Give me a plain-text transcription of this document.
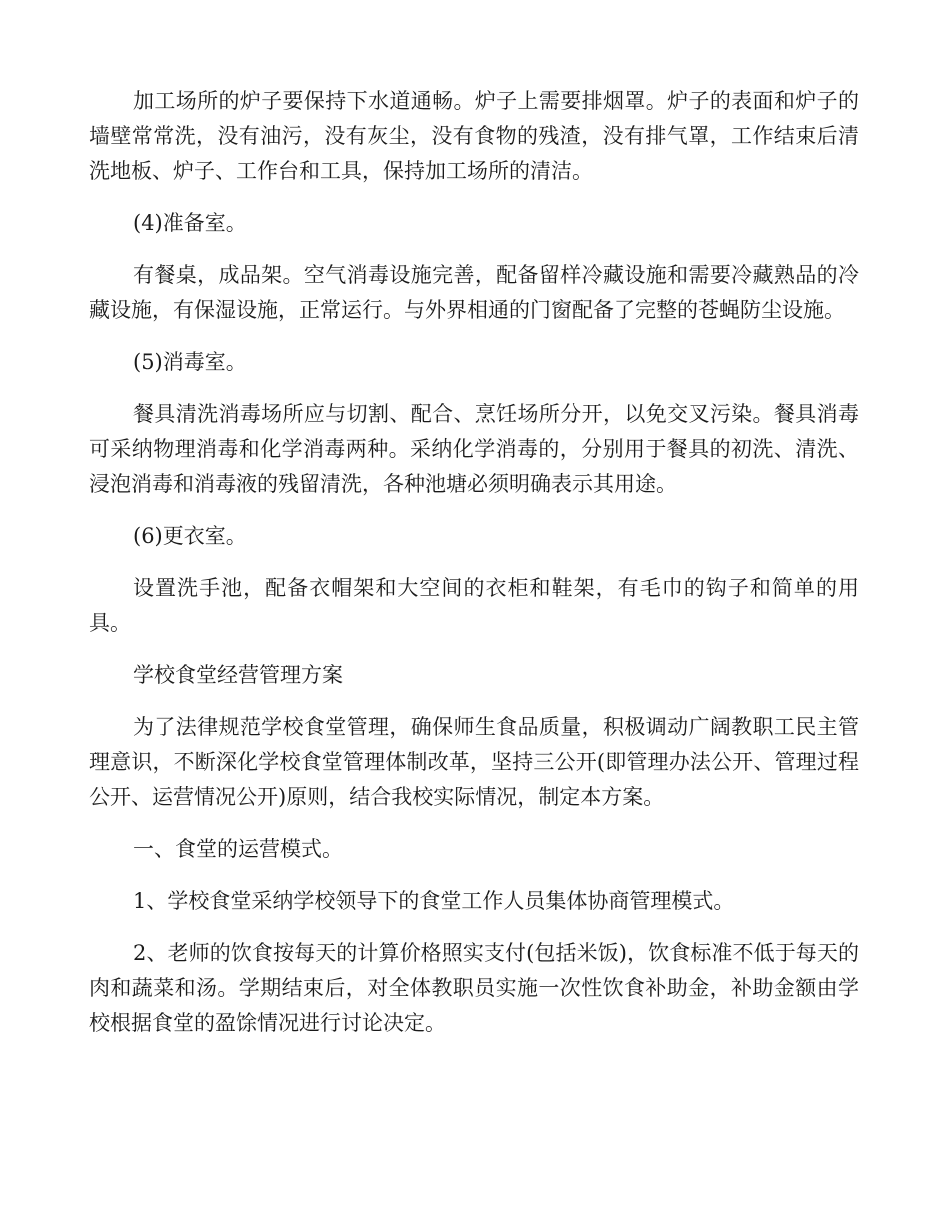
加工场所的炉子要保持下水道通畅。炉子上需要排烟罩。炉子的表面和炉子的墙壁常常洗，没有油污，没有灰尘，没有食物的残渣，没有排气罩，工作结束后清洗地板、炉子、工作台和工具，保持加工场所的清洁。

(4)准备室。

有餐桌，成品架。空气消毒设施完善，配备留样冷藏设施和需要冷藏熟品的冷藏设施，有保湿设施，正常运行。与外界相通的门窗配备了完整的苍蝇防尘设施。

(5)消毒室。

餐具清洗消毒场所应与切割、配合、烹饪场所分开，以免交叉污染。餐具消毒可采纳物理消毒和化学消毒两种。采纳化学消毒的，分别用于餐具的初洗、清洗、浸泡消毒和消毒液的残留清洗，各种池塘必须明确表示其用途。

(6)更衣室。

设置洗手池，配备衣帽架和大空间的衣柜和鞋架，有毛巾的钩子和简单的用具。

学校食堂经营管理方案

为了法律规范学校食堂管理，确保师生食品质量，积极调动广阔教职工民主管理意识，不断深化学校食堂管理体制改革，坚持三公开(即管理办法公开、管理过程公开、运营情况公开)原则，结合我校实际情况，制定本方案。

一、食堂的运营模式。

1、学校食堂采纳学校领导下的食堂工作人员集体协商管理模式。

2、老师的饮食按每天的计算价格照实支付(包括米饭)，饮食标准不低于每天的肉和蔬菜和汤。学期结束后，对全体教职员实施一次性饮食补助金，补助金额由学校根据食堂的盈馀情况进行讨论决定。
